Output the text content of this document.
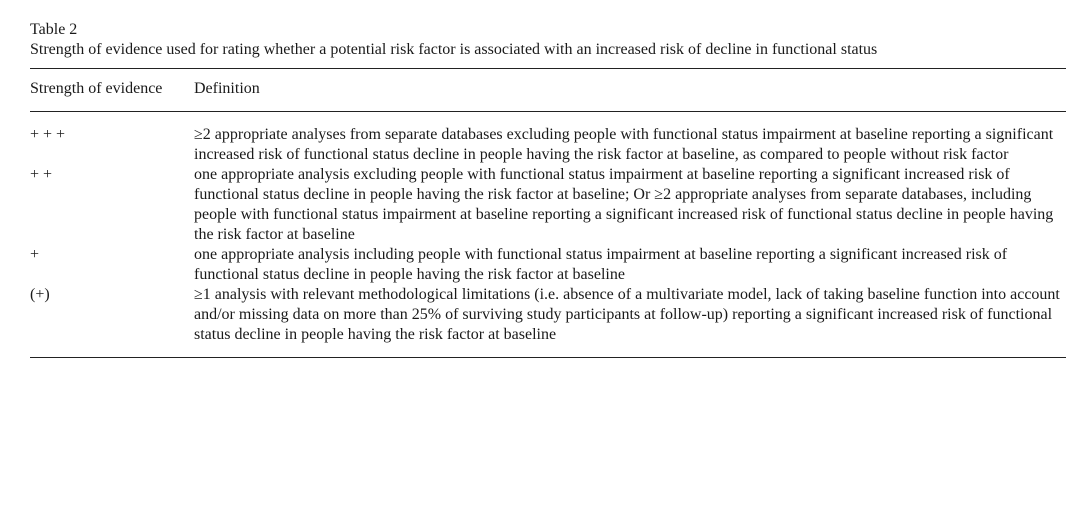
Table 2

Strength of evidence used for rating whether a potential risk factor is associated with an increased risk of decline in functional status

Strength of evidence	Definition
+ + +	≥2 appropriate analyses from separate databases excluding people with functional status impairment at baseline reporting a significant increased risk of functional status decline in people having the risk factor at baseline, as compared to people without risk factor
+ +	one appropriate analysis excluding people with functional status impairment at baseline reporting a significant increased risk of functional status decline in people having the risk factor at baseline; Or ≥2 appropriate analyses from separate databases, including people with functional status impairment at baseline reporting a significant increased risk of functional status decline in people having the risk factor at baseline
+	one appropriate analysis including people with functional status impairment at baseline reporting a significant increased risk of functional status decline in people having the risk factor at baseline
(+)	≥1 analysis with relevant methodological limitations (i.e. absence of a multivariate model, lack of taking baseline function into account and/or missing data on more than 25% of surviving study participants at follow-up) reporting a significant increased risk of functional status decline in people having the risk factor at baseline
